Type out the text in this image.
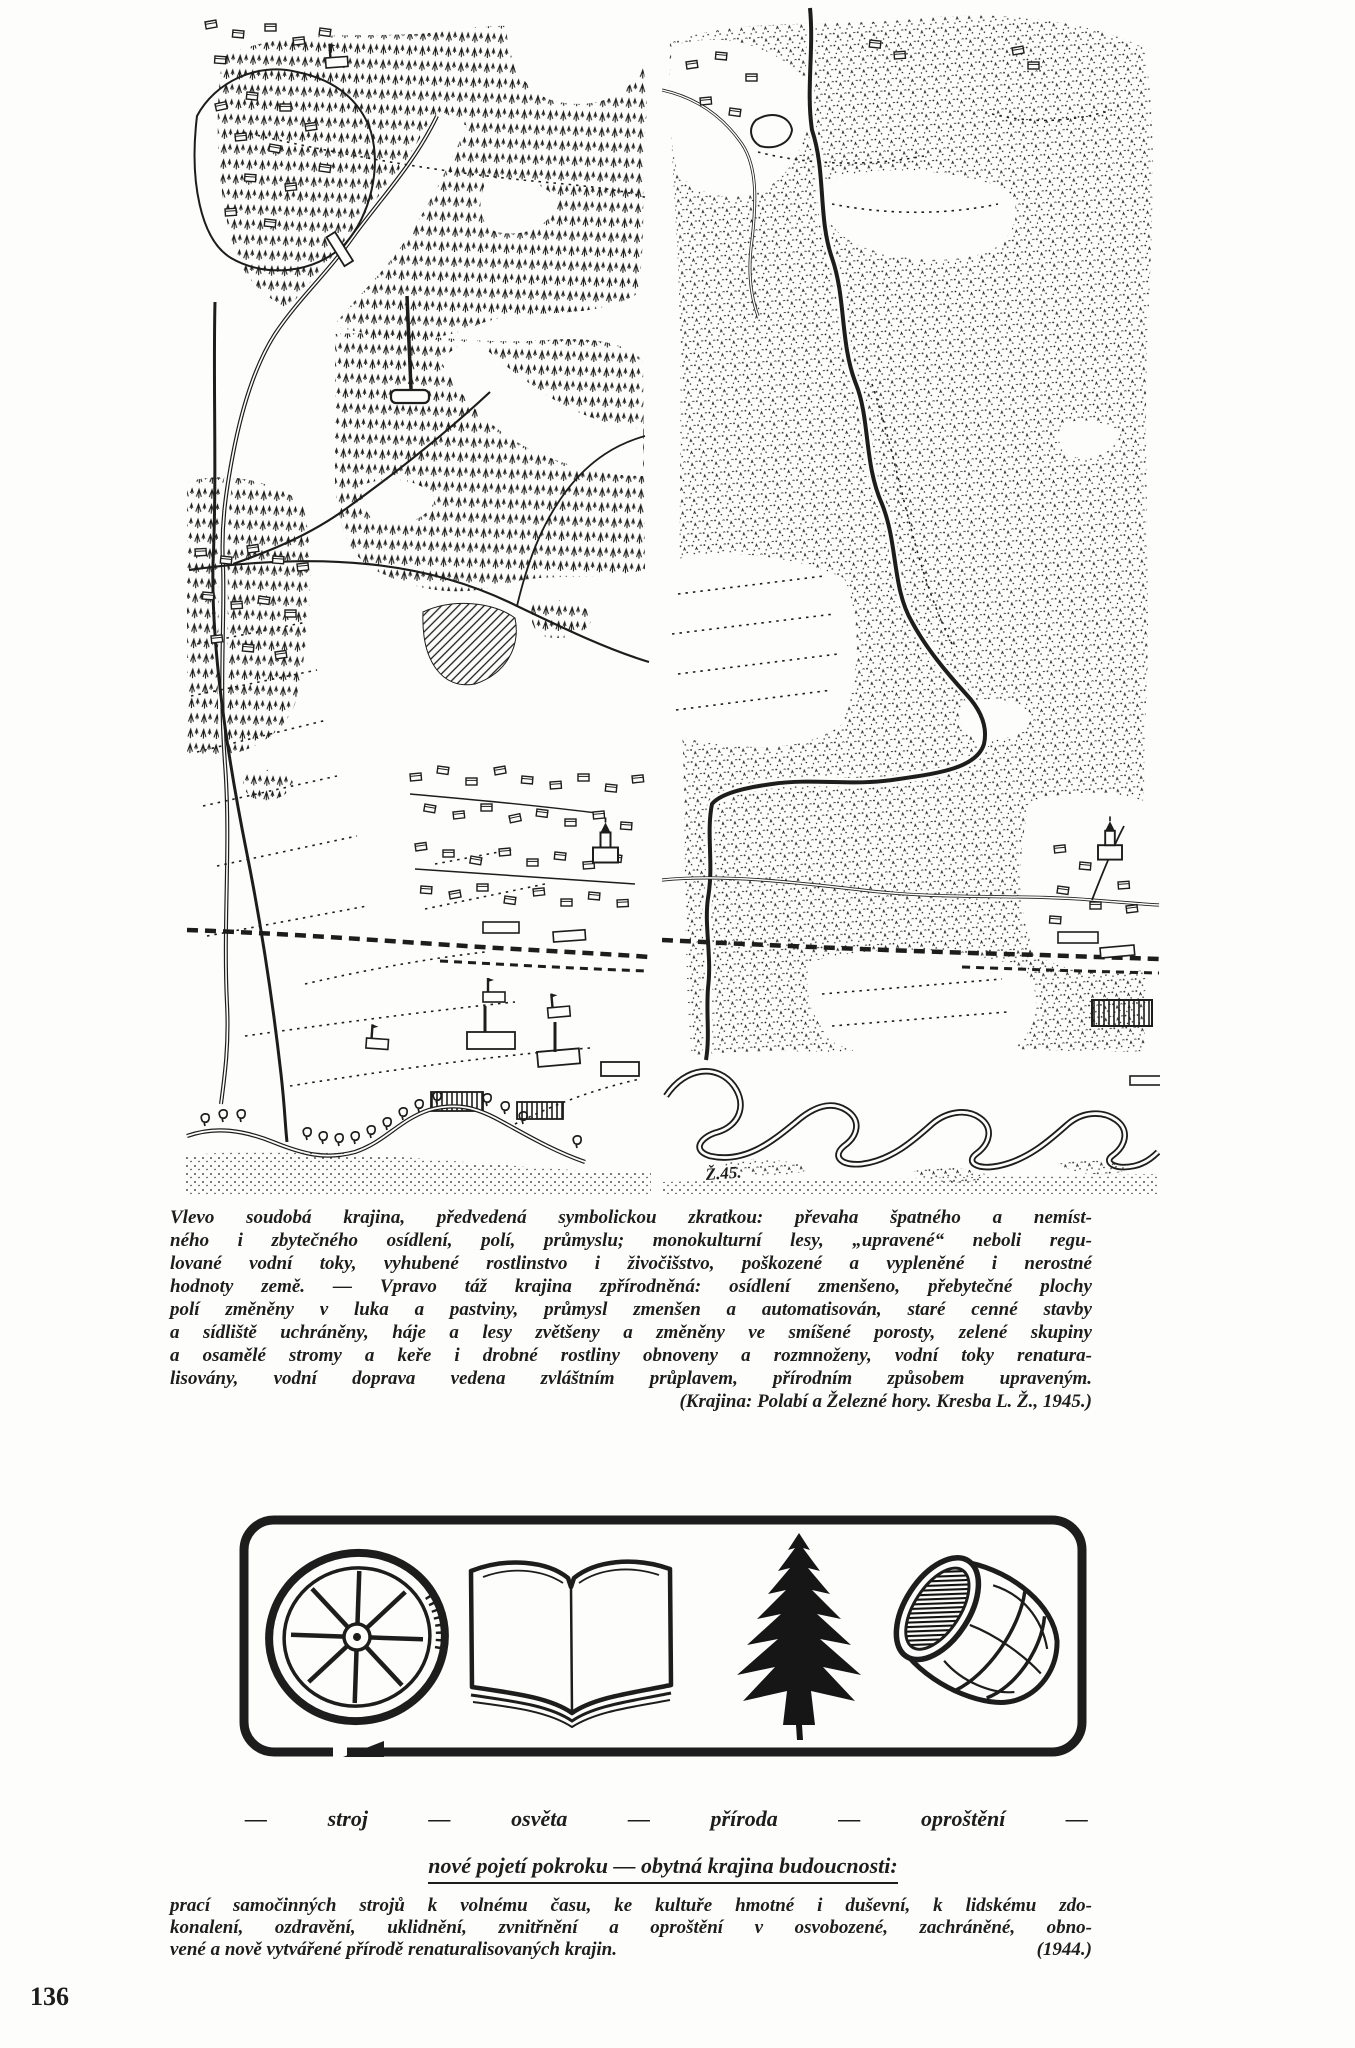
Ž.45.
Vlevo soudobá krajina, předvedená symbolickou zkratkou: převaha špatného a nemíst-
ného i zbytečného osídlení, polí, průmyslu; monokulturní lesy, „upravené“ neboli regu-
lované vodní toky, vyhubené rostlinstvo i živočišstvo, poškozené a vypleněné i nerostné
hodnoty země. — Vpravo táž krajina zpřírodněná: osídlení zmenšeno, přebytečné plochy
polí změněny v luka a pastviny, průmysl zmenšen a automatisován, staré cenné stavby
a sídliště uchráněny, háje a lesy zvětšeny a změněny ve smíšené porosty, zelené skupiny
a osamělé stromy a keře i drobné rostliny obnoveny a rozmnoženy, vodní toky renatura-
lisovány, vodní doprava vedena zvláštním průplavem, přírodním způsobem upraveným.
(Krajina: Polabí a Železné hory. Kresba L. Ž., 1945.)
—	stroj	—	osvěta	—	příroda	—	oproštění	—
nové pojetí pokroku — obytná krajina budoucnosti:
prací samočinných strojů k volnému času, ke kultuře hmotné i duševní, k lidskému zdo-
konalení, ozdravění, uklidnění, zvnitřnění a oproštění v osvobozené, zachráněné, obno-
vené a nově vytvářené přírodě renaturalisovaných krajin.	(1944.)
136
